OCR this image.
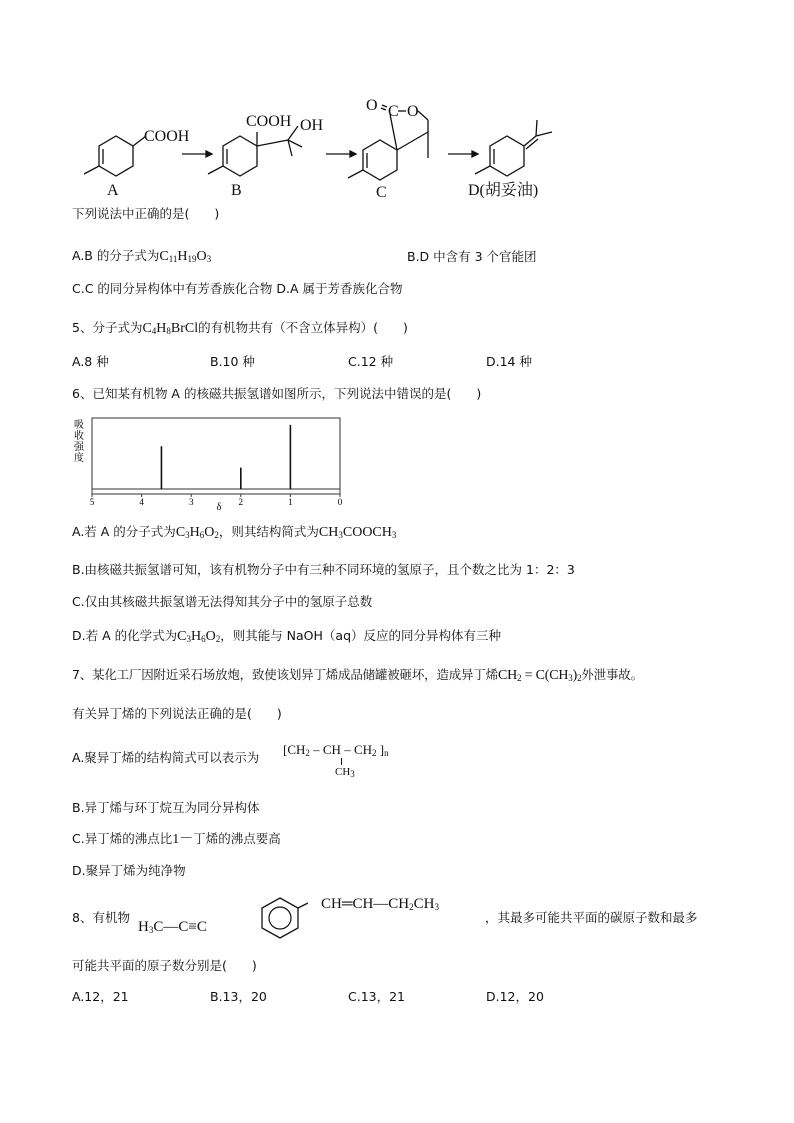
COOH
A
COOH OH
B
O C O
C	D(胡妥油)
下列说法中正确的是(　　)
A.B 的分子式为$C_{11}H_{19}O_3$	B.D 中含有 3 个官能团
C.C 的同分异构体中有芳香族化合物 D.A 属于芳香族化合物
5、分子式为$C_4H_8BrCl$的有机物共有（不含立体异构）(　　)
A.8 种	B.10 种	C.12 种	D.14 种
6、已知某有机物 A 的核磁共振氢谱如图所示，下列说法中错误的是(　　)
吸
收
强
度
5	4	3	2	1	0
δ
A.若 A 的分子式为$C_3H_6O_2$，则其结构简式为$CH_3COOCH_3$
B.由核磁共振氢谱可知，该有机物分子中有三种不同环境的氢原子，且个数之比为 1：2：3
C.仅由其核磁共振氢谱无法得知其分子中的氢原子总数
D.若 A 的化学式为$C_3H_6O_2$，则其能与 NaOH（aq）反应的同分异构体有三种
7、某化工厂因附近采石场放炮，致使该划异丁烯成品储罐被砸坏，造成异丁烯$CH_2 = C(CH_3)_2$外泄事故。
有关异丁烯的下列说法正确的是(　　)
A.聚异丁烯的结构简式可以表示为
[$CH_2$ – CH – $CH_2$ ]$_n$
$CH_3$
B.异丁烯与环丁烷互为同分异构体
C.异丁烯的沸点比1－丁烯的沸点要高
D.聚异丁烯为纯净物
8、有机物
$H_3C—C\equiv C$
$CH═CH—CH_2CH_3$
，其最多可能共平面的碳原子数和最多
可能共平面的原子数分别是(　　)
A.12，21	B.13，20	C.13，21	D.12，20
